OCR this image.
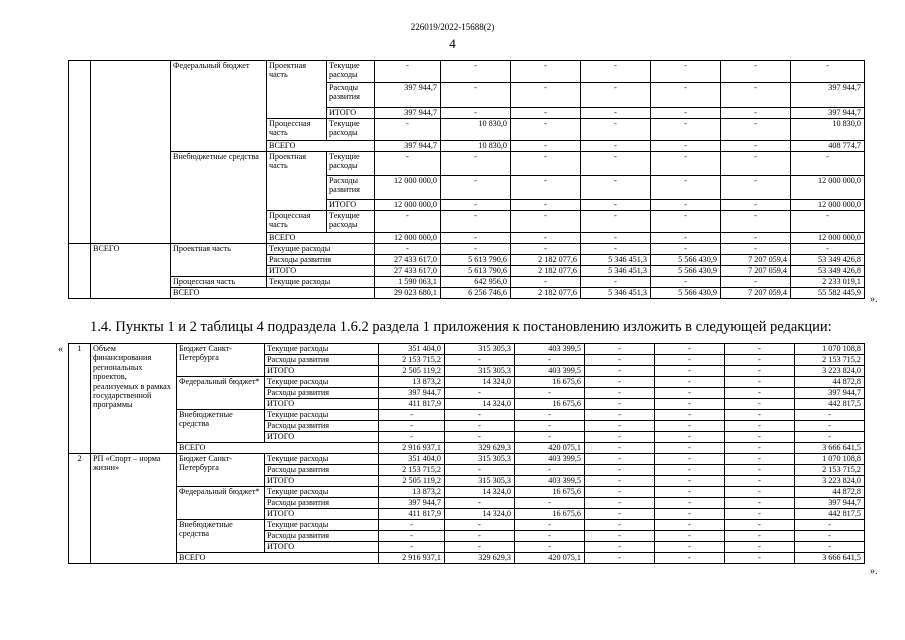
226019/2022-15688(2)
4
		Федеральный бюджет	Проектная часть	Текущие расходы	-	-	-	-	-	-	-
				Расходы развития	397 944,7	-	-	-	-	-	397 944,7
				ИТОГО	397 944,7	-	-	-	-	-	397 944,7
			Процессная часть	Текущие расходы	-	10 830,0	-	-	-	-	10 830,0
			ВСЕГО		397 944,7	10 830,0	-	-	-	-	408 774,7
		Внебюджетные средства	Проектная часть	Текущие расходы	-	-	-	-	-	-	-
				Расходы развития	12 000 000,0	-	-	-	-	-	12 000 000,0
				ИТОГО	12 000 000,0	-	-	-	-	-	12 000 000,0
			Процессная часть	Текущие расходы	-	-	-	-	-	-	-
			ВСЕГО		12 000 000,0	-	-	-	-	-	12 000 000,0
	ВСЕГО	Проектная часть	Текущие расходы		-	-	-	-	-	-	-
			Расходы развития		27 433 617,0	5 613 790,6	2 182 077,6	5 346 451,3	5 566 430,9	7 207 059,4	53 349 426,8
			ИТОГО		27 433 617,0	5 613 790,6	2 182 077,6	5 346 451,3	5 566 430,9	7 207 059,4	53 349 426,8
		Процессная часть	Текущие расходы		1 590 063,1	642 956,0	-	-	-	-	2 233 019,1
		ВСЕГО			29 023 680,1	6 256 746,6	2 182 077,6	5 346 451,3	5 566 430,9	7 207 059,4	55 582 445,9
».
1.4. Пункты 1 и 2 таблицы 4 подраздела 1.6.2 раздела 1 приложения к постановлению изложить в следующей редакции:
« 1	Объем финансирования региональных проектов, реализуемых в рамках государственной программы	Бюджет Санкт-Петербурга	Текущие расходы	351 404,0	315 305,3	403 399,5	-	-	-	1 070 108,8
			Расходы развития	2 153 715,2	-	-	-	-	-	2 153 715,2
			ИТОГО	2 505 119,2	315 305,3	403 399,5	-	-	-	3 223 824,0
		Федеральный бюджет*	Текущие расходы	13 873,2	14 324,0	16 675,6	-	-	-	44 872,8
			Расходы развития	397 944,7	-	-	-	-	-	397 944,7
			ИТОГО	411 817,9	14 324,0	16 675,6	-	-	-	442 817,5
		Внебюджетные средства	Текущие расходы	-	-	-	-	-	-	-
			Расходы развития	-	-	-	-	-	-	-
			ИТОГО	-	-	-	-	-	-	-
		ВСЕГО		2 916 937,1	329 629,3	420 075,1	-	-	-	3 666 641,5
2	РП «Спорт – норма жизни»	Бюджет Санкт-Петербурга	Текущие расходы	351 404,0	315 305,3	403 399,5	-	-	-	1 070 108,8
			Расходы развития	2 153 715,2	-	-	-	-	-	2 153 715,2
			ИТОГО	2 505 119,2	315 305,3	403 399,5	-	-	-	3 223 824,0
		Федеральный бюджет*	Текущие расходы	13 873,2	14 324,0	16 675,6	-	-	-	44 872,8
			Расходы развития	397 944,7	-	-	-	-	-	397 944,7
			ИТОГО	411 817,9	14 324,0	16 675,6	-	-	-	442 817,5
		Внебюджетные средства	Текущие расходы	-	-	-	-	-	-	-
			Расходы развития	-	-	-	-	-	-	-
			ИТОГО	-	-	-	-	-	-	-
		ВСЕГО		2 916 937,1	329 629,3	420 075,1	-	-	-	3 666 641,5
».
